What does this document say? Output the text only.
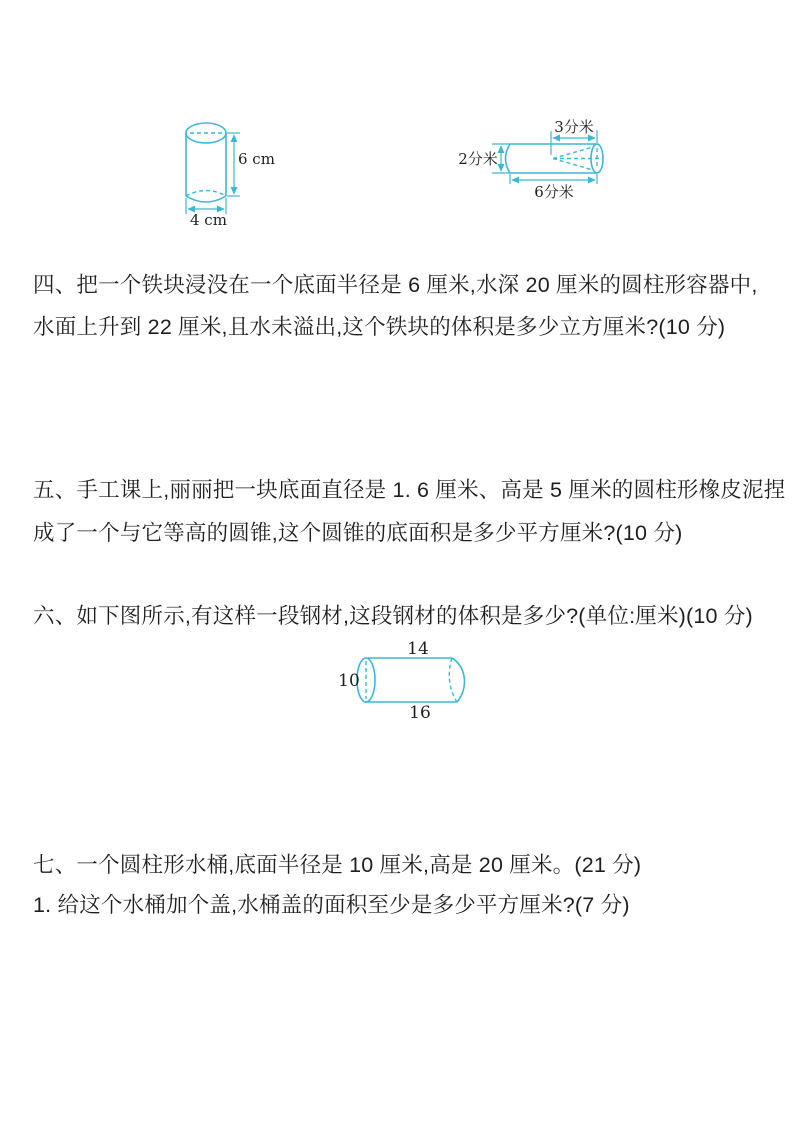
6 cm
4 cm
3分米
2分米
6分米
四、把一个铁块浸没在一个底面半径是 6 厘米,水深 20 厘米的圆柱形容器中,
水面上升到 22 厘米,且水未溢出,这个铁块的体积是多少立方厘米?(10 分)
五、手工课上,丽丽把一块底面直径是 1. 6 厘米、高是 5 厘米的圆柱形橡皮泥捏
成了一个与它等高的圆锥,这个圆锥的底面积是多少平方厘米?(10 分)
六、如下图所示,有这样一段钢材,这段钢材的体积是多少?(单位:厘米)(10 分)
14
10
16
七、一个圆柱形水桶,底面半径是 10 厘米,高是 20 厘米。(21 分)
1. 给这个水桶加个盖,水桶盖的面积至少是多少平方厘米?(7 分)
